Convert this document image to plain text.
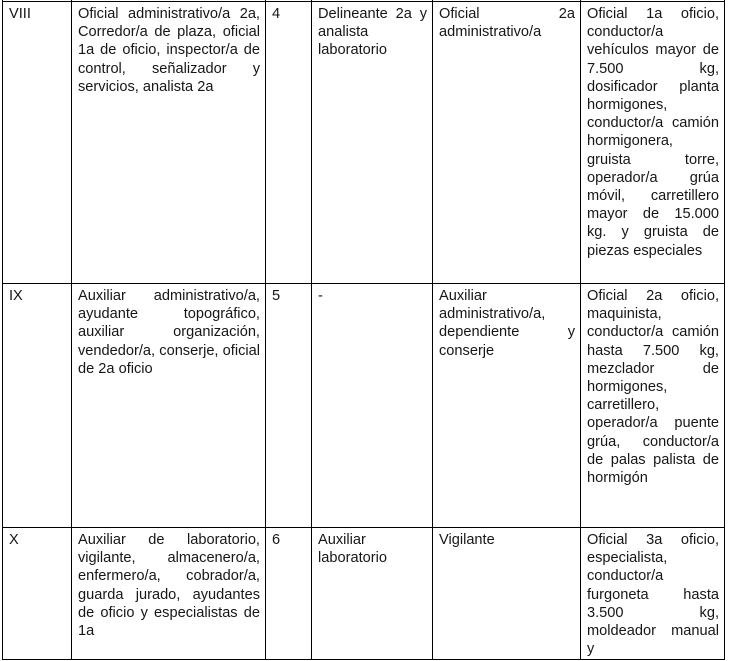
VIII	Oficial administrativo/a 2a, Corredor/a de plaza, oficial 1a de oficio, inspector/a de control, señalizador y servicios, analista 2a	4	Delineante 2a y analista laboratorio	Oficial 2a administrativo/a	Oficial 1a oficio, conductor/a vehículos mayor de 7.500 kg, dosificador planta hormigones, conductor/a camión hormigonera, gruista torre, operador/a grúa móvil, carretillero mayor de 15.000 kg. y gruista de piezas especiales

IX	Auxiliar administrativo/a, ayudante topográfico, auxiliar organización, vendedor/a, conserje, oficial de 2a oficio	5	-	Auxiliar administrativo/a, dependiente y conserje	Oficial 2a oficio, maquinista, conductor/a camión hasta 7.500 kg, mezclador de hormigones, carretillero, operador/a puente grúa, conductor/a de palas palista de hormigón

X	Auxiliar de laboratorio, vigilante, almacenero/a, enfermero/a, cobrador/a, guarda jurado, ayudantes de oficio y especialistas de 1a	6	Auxiliar laboratorio	Vigilante	Oficial 3a oficio, especialista, conductor/a furgoneta hasta 3.500 kg, moldeador manual y
